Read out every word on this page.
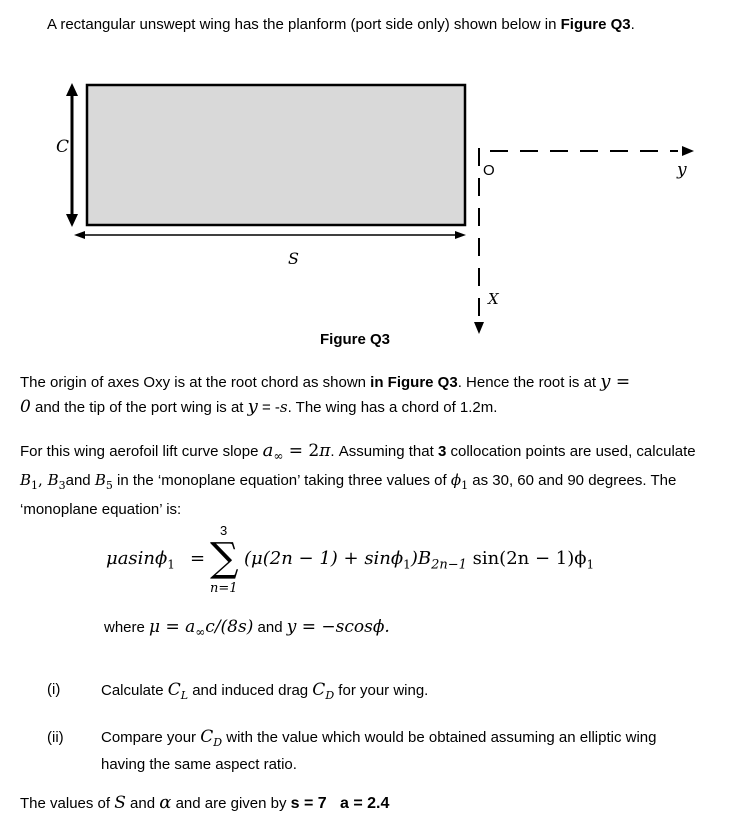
A rectangular unswept wing has the planform (port side only) shown below in Figure Q3.
C
S
O	y
X
Figure Q3
The origin of axes Oxy is at the root chord as shown in Figure Q3. Hence the root is at y =
0 and the tip of the port wing is at y = -s. The wing has a chord of 1.2m.
For this wing aerofoil lift curve slope $a_\infty = 2\pi$. Assuming that 3 collocation points are used, calculate $B_1$, $B_3and$ $B_5$ in the ‘monoplane equation’ taking three values of $\phi_1$ as 30, 60 and 90 degrees. The ‘monoplane equation’ is:
μasinϕ$_1$ =
3
∑
n=1
$(\mu(2n - 1) + \sin\phi_1)B_{2n-1}$ $\sin(2n - 1)\phi_1$
where $\mu = a_\infty c/(8s)$ and y = −scosϕ.
(i)	Calculate $C_L$ and induced drag $C_D$ for your wing.
(ii) Compare your $C_D$ with the value which would be obtained assuming an elliptic wing having the same aspect ratio.
The values of S and α and are given by s = 7   a = 2.4
